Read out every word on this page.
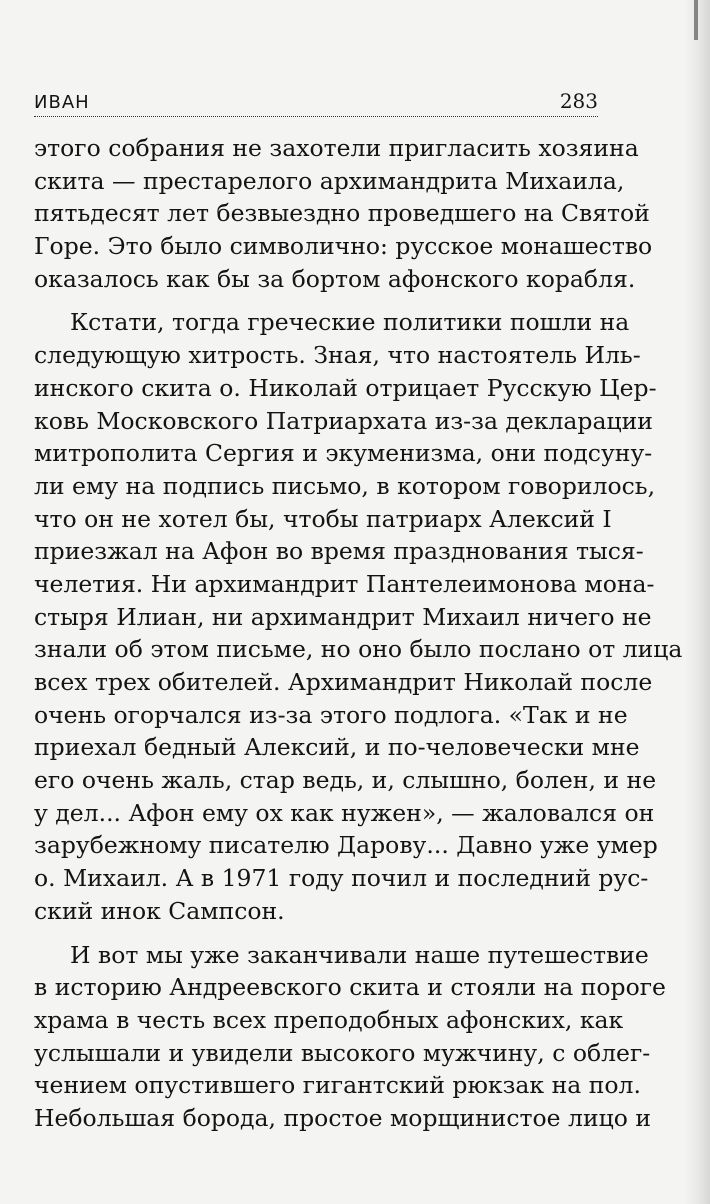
ИВАН	283
этого собрания не захотели пригласить хозяина
скита — престарелого архимандрита Михаила,
пятьдесят лет безвыездно проведшего на Святой
Горе. Это было символично: русское монашество
оказалось как бы за бортом афонского корабля.
Кстати, тогда греческие политики пошли на
следующую хитрость. Зная, что настоятель Иль-
инского скита о. Николай отрицает Русскую Цер-
ковь Московского Патриархата из-за декларации
митрополита Сергия и экуменизма, они подсуну-
ли ему на подпись письмо, в котором говорилось,
что он не хотел бы, чтобы патриарх Алексий I
приезжал на Афон во время празднования тыся-
челетия. Ни архимандрит Пантелеимонова мона-
стыря Илиан, ни архимандрит Михаил ничего не
знали об этом письме, но оно было послано от лица
всех трех обителей. Архимандрит Николай после
очень огорчался из-за этого подлога. «Так и не
приехал бедный Алексий, и по-человечески мне
его очень жаль, стар ведь, и, слышно, болен, и не
у дел... Афон ему ох как нужен», — жаловался он
зарубежному писателю Дарову... Давно уже умер
о. Михаил. А в 1971 году почил и последний рус-
ский инок Сампсон.
И вот мы уже заканчивали наше путешествие
в историю Андреевского скита и стояли на пороге
храма в честь всех преподобных афонских, как
услышали и увидели высокого мужчину, с облег-
чением опустившего гигантский рюкзак на пол.
Небольшая борода, простое морщинистое лицо и
